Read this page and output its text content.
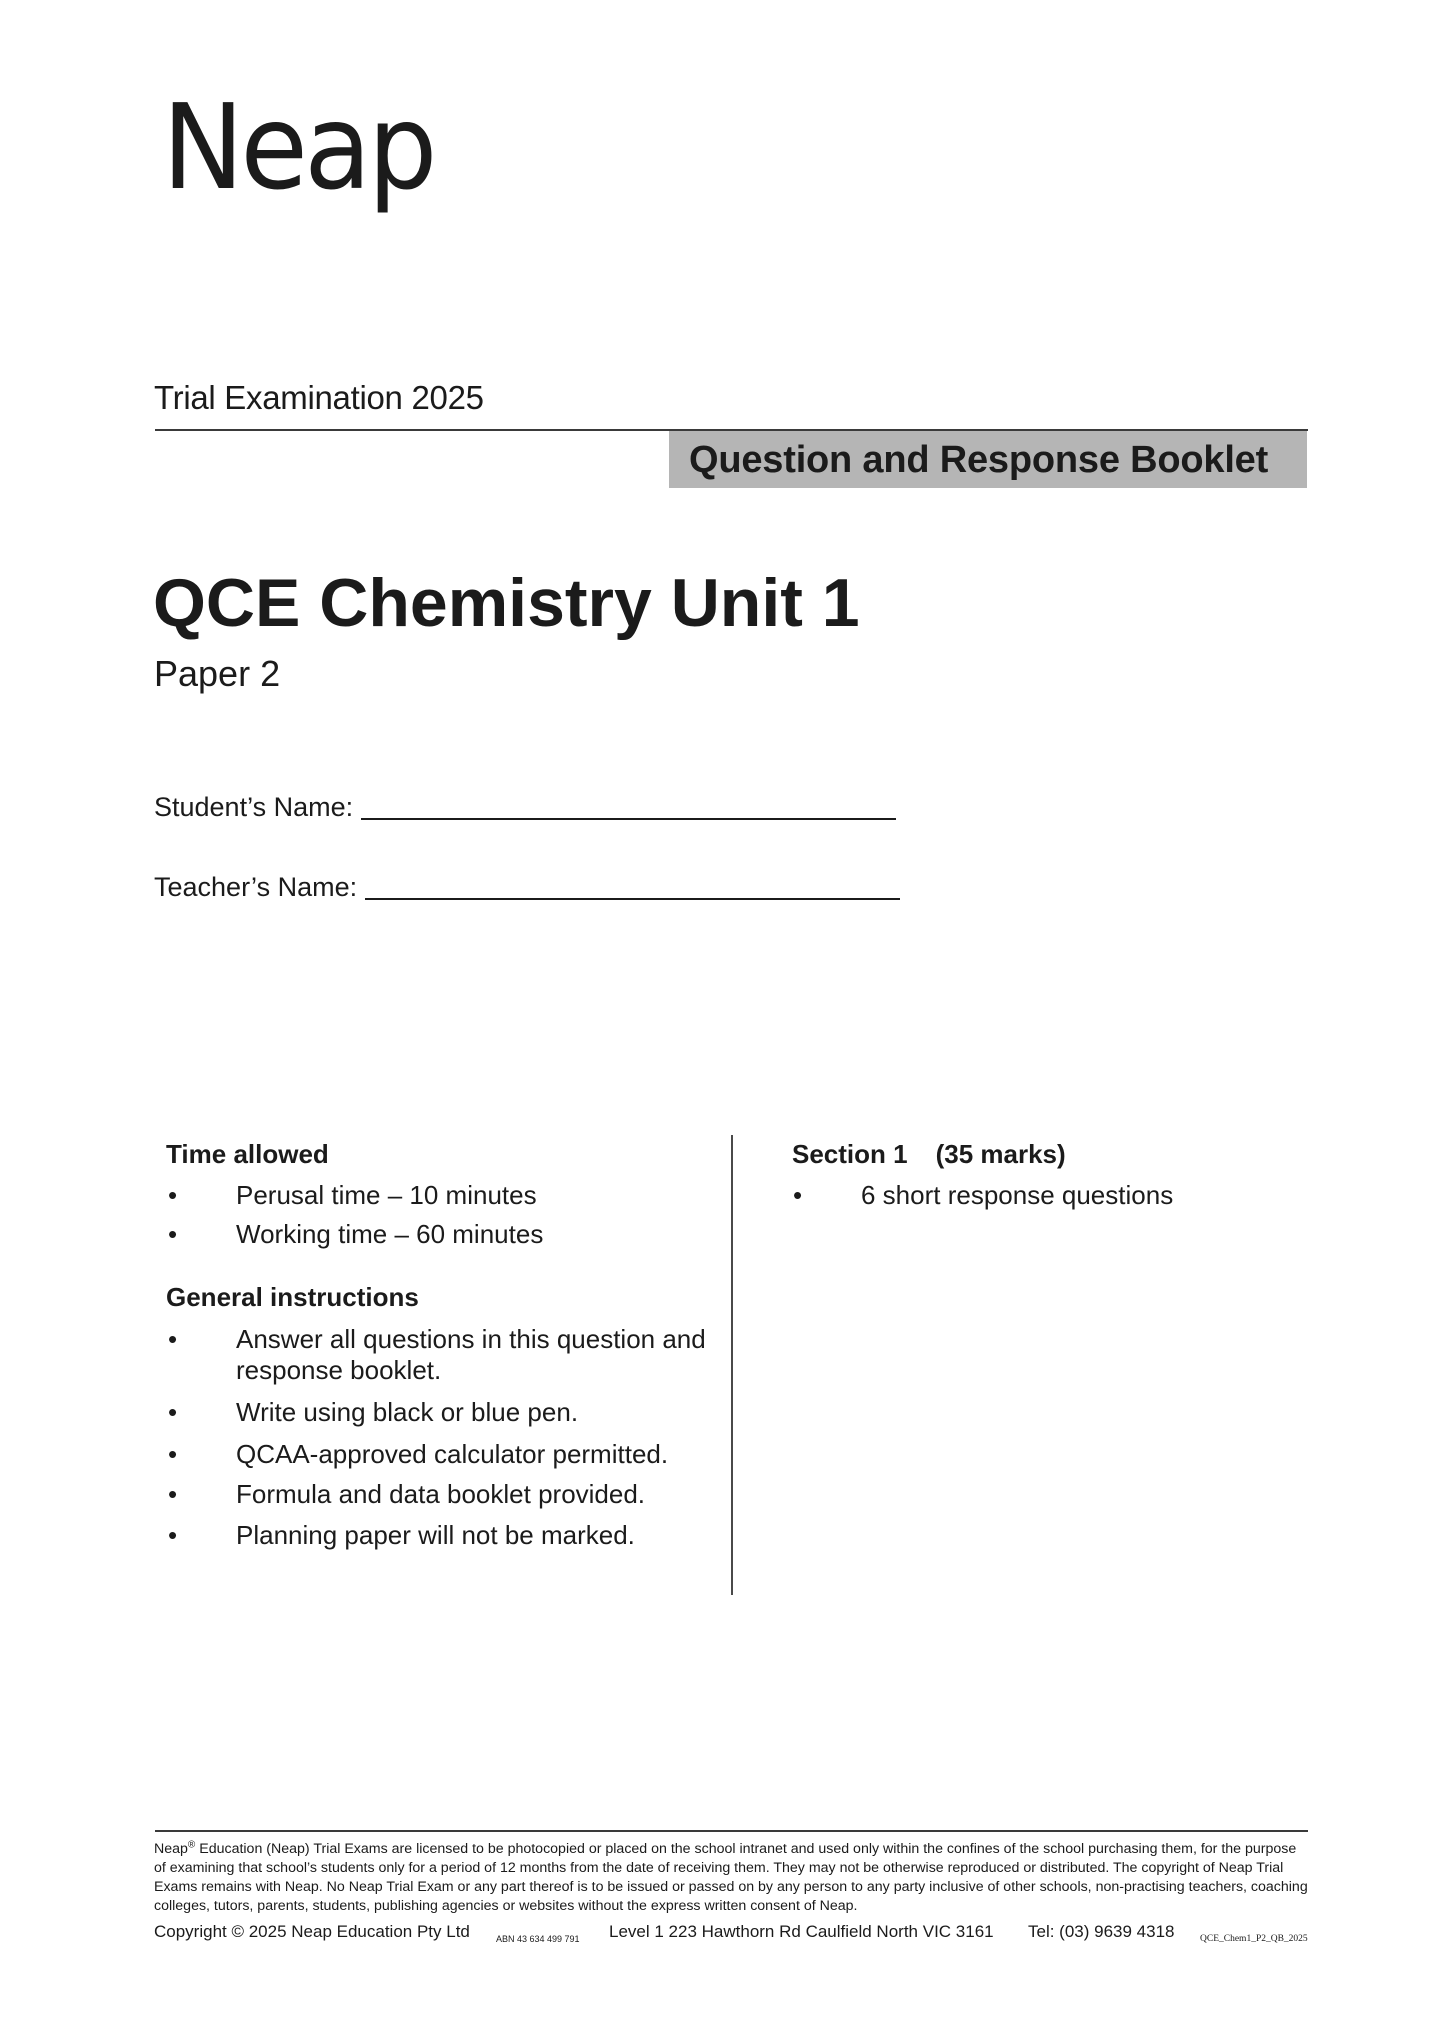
Neap
Trial Examination 2025
Question and Response Booklet
QCE Chemistry Unit 1
Paper 2
Student’s Name:
Teacher’s Name:
Time allowed
• Perusal time – 10 minutes
• Working time – 60 minutes
General instructions
• Answer all questions in this question and
response booklet.
• Write using black or blue pen.
• QCAA-approved calculator permitted.
• Formula and data booklet provided.
• Planning paper will not be marked.
Section 1 (35 marks)
• 6 short response questions
Neap® Education (Neap) Trial Exams are licensed to be photocopied or placed on the school intranet and used only within the confines of the school purchasing them, for the purpose of examining that school’s students only for a period of 12 months from the date of receiving them. They may not be otherwise reproduced or distributed. The copyright of Neap Trial Exams remains with Neap. No Neap Trial Exam or any part thereof is to be issued or passed on by any person to any party inclusive of other schools, non-practising teachers, coaching colleges, tutors, parents, students, publishing agencies or websites without the express written consent of Neap.
Copyright © 2025 Neap Education Pty Ltd	ABN 43 634 499 791 Level 1 223 Hawthorn Rd Caulfield North VIC 3161 Tel: (03) 9639 4318	QCE_Chem1_P2_QB_2025
